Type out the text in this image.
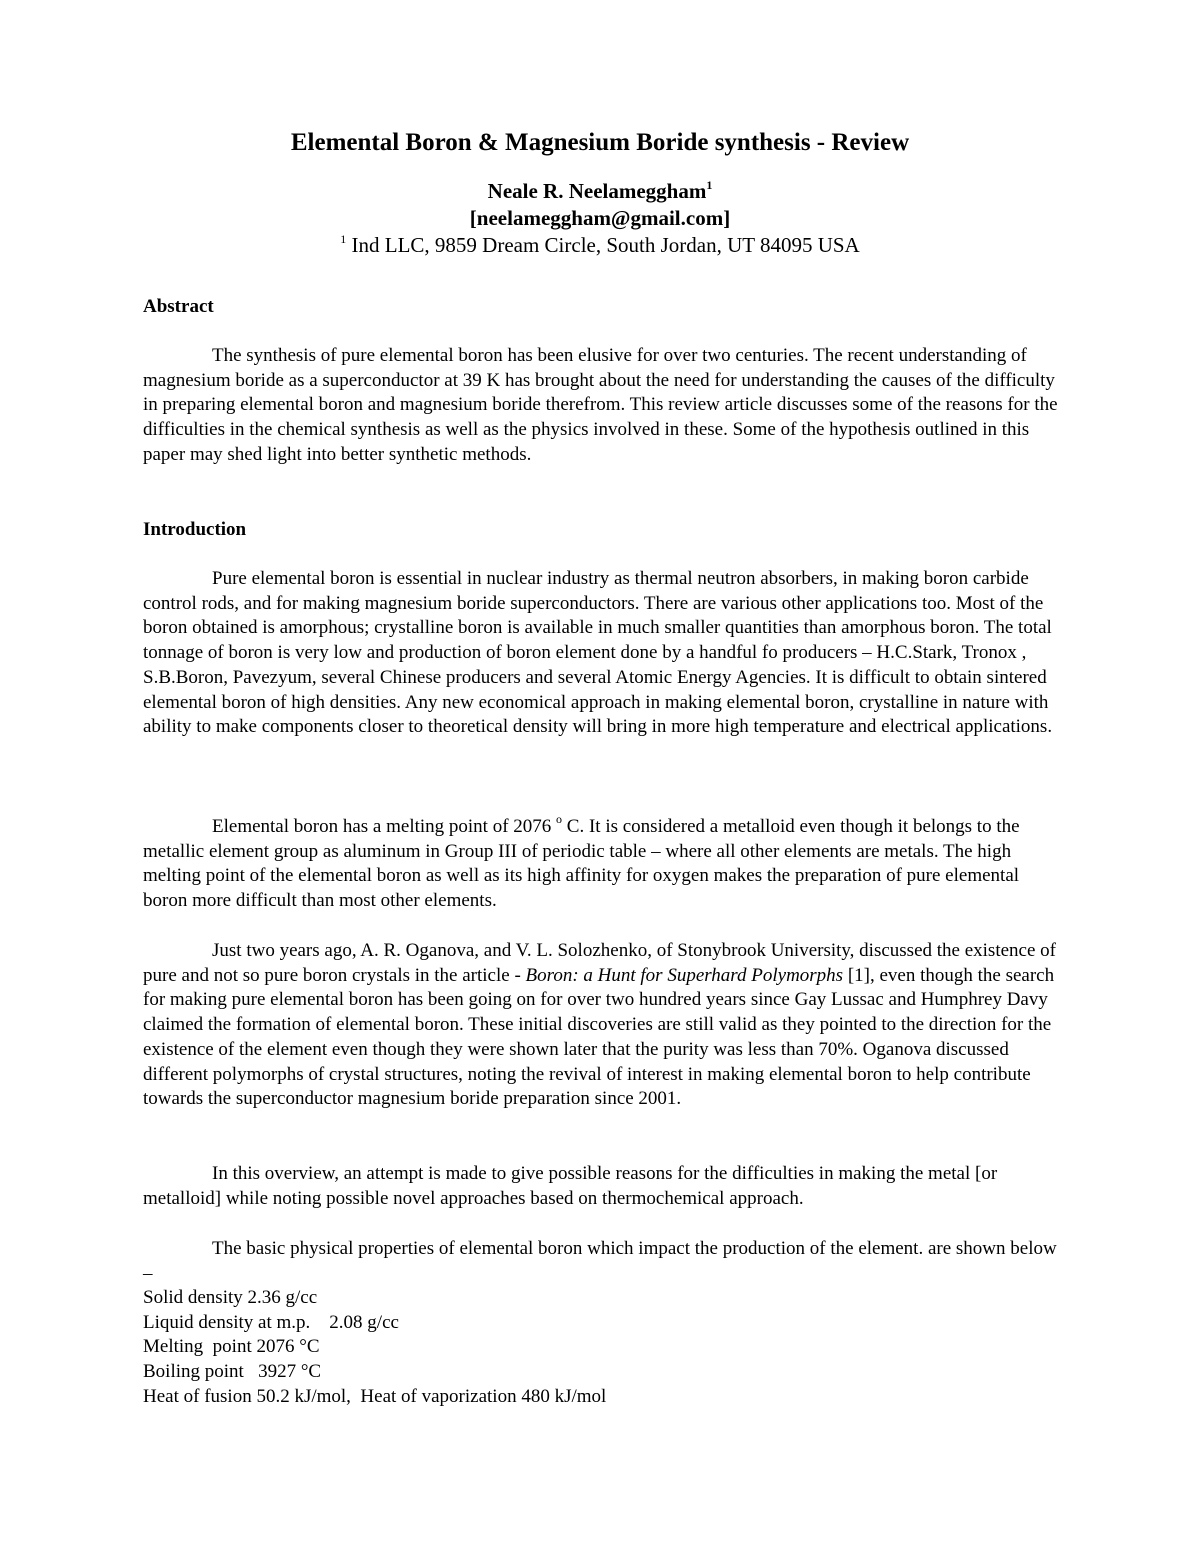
Elemental Boron & Magnesium Boride synthesis - Review
Neale R. Neelameggham$^1$
[neelameggham@gmail.com]
$^1$ Ind LLC, 9859 Dream Circle, South Jordan, UT 84095 USA
Abstract
The synthesis of pure elemental boron has been elusive for over two centuries. The recent understanding of magnesium boride as a superconductor at 39 K has brought about the need for understanding the causes of the difficulty in preparing elemental boron and magnesium boride therefrom. This review article discusses some of the reasons for the difficulties in the chemical synthesis as well as the physics involved in these. Some of the hypothesis outlined in this paper may shed light into better synthetic methods.
Introduction
Pure elemental boron is essential in nuclear industry as thermal neutron absorbers, in making boron carbide control rods, and for making magnesium boride superconductors. There are various other applications too. Most of the boron obtained is amorphous; crystalline boron is available in much smaller quantities than amorphous boron. The total tonnage of boron is very low and production of boron element done by a handful fo producers – H.C.Stark, Tronox , S.B.Boron, Pavezyum, several Chinese producers and several Atomic Energy Agencies. It is difficult to obtain sintered elemental boron of high densities. Any new economical approach in making elemental boron, crystalline in nature with ability to make components closer to theoretical density will bring in more high temperature and electrical applications.
Elemental boron has a melting point of 2076 $^o$ C. It is considered a metalloid even though it belongs to the metallic element group as aluminum in Group III of periodic table – where all other elements are metals. The high melting point of the elemental boron as well as its high affinity for oxygen makes the preparation of pure elemental boron more difficult than most other elements.
Just two years ago, A. R. Oganova, and V. L. Solozhenko, of Stonybrook University, discussed the existence of pure and not so pure boron crystals in the article - Boron: a Hunt for Superhard Polymorphs [1], even though the search for making pure elemental boron has been going on for over two hundred years since Gay Lussac and Humphrey Davy claimed the formation of elemental boron. These initial discoveries are still valid as they pointed to the direction for the existence of the element even though they were shown later that the purity was less than 70%. Oganova discussed different polymorphs of crystal structures, noting the revival of interest in making elemental boron to help contribute towards the superconductor magnesium boride preparation since 2001.
In this overview, an attempt is made to give possible reasons for the difficulties in making the metal [or metalloid] while noting possible novel approaches based on thermochemical approach.
The basic physical properties of elemental boron which impact the production of the element. are shown below –
Solid density 2.36 g/cc
Liquid density at m.p.    2.08 g/cc
Melting  point 2076 °C
Boiling point   3927 °C
Heat of fusion 50.2 kJ/mol,  Heat of vaporization 480 kJ/mol
